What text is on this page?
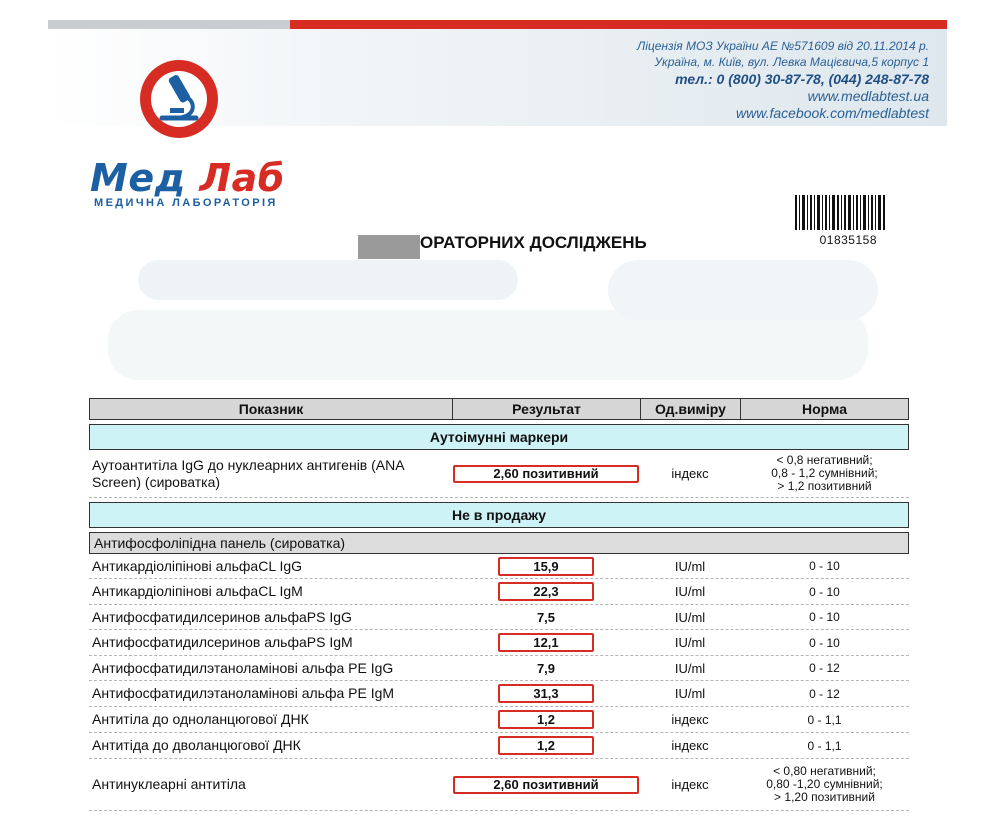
Мед Лаб
МЕДИЧНА ЛАБОРАТОРІЯ
Ліцензія МОЗ України АЕ №571609 від 20.11.2014 р.
Україна, м. Київ, вул. Левка Мацієвича,5 корпус 1
тел.: 0 (800) 30-87-78, (044) 248-87-78
www.medlabtest.ua
www.facebook.com/medlabtest
01835158
ОРАТОРНИХ ДОСЛІДЖЕНЬ
Показник	Результат	Од.виміру	Норма
Аутоімунні маркери
Аутоантитіла IgG до нуклеарних антигенів (ANA Screen) (сироватка)	2,60 позитивний	індекс
< 0,8 негативний;
0,8 - 1,2 сумнівний;
> 1,2 позитивний
Не в продажу
Антифосфоліпідна панель (сироватка)
Антикардіоліпінові альфаCL IgG	15,9	IU/ml	0 - 10
Антикардіоліпінові альфаCL IgM	22,3	IU/ml	0 - 10
Антифосфатидилсеринов альфаPS IgG	7,5	IU/ml	0 - 10
Антифосфатидилсеринов альфаPS IgM	12,1	IU/ml	0 - 10
Антифосфатидилэтаноламінові альфа PE IgG	7,9	IU/ml	0 - 12
Антифосфатидилэтаноламінові альфа PE IgM	31,3	IU/ml	0 - 12
Антитіла до одноланцюгової ДНК	1,2	індекс	0 - 1,1
Антитіда до дволанцюгової ДНК	1,2	індекс	0 - 1,1
Антинуклеарні антитіла	2,60 позитивний	індекс
< 0,80 негативний;
0,80 -1,20 сумнівний;
> 1,20 позитивний
